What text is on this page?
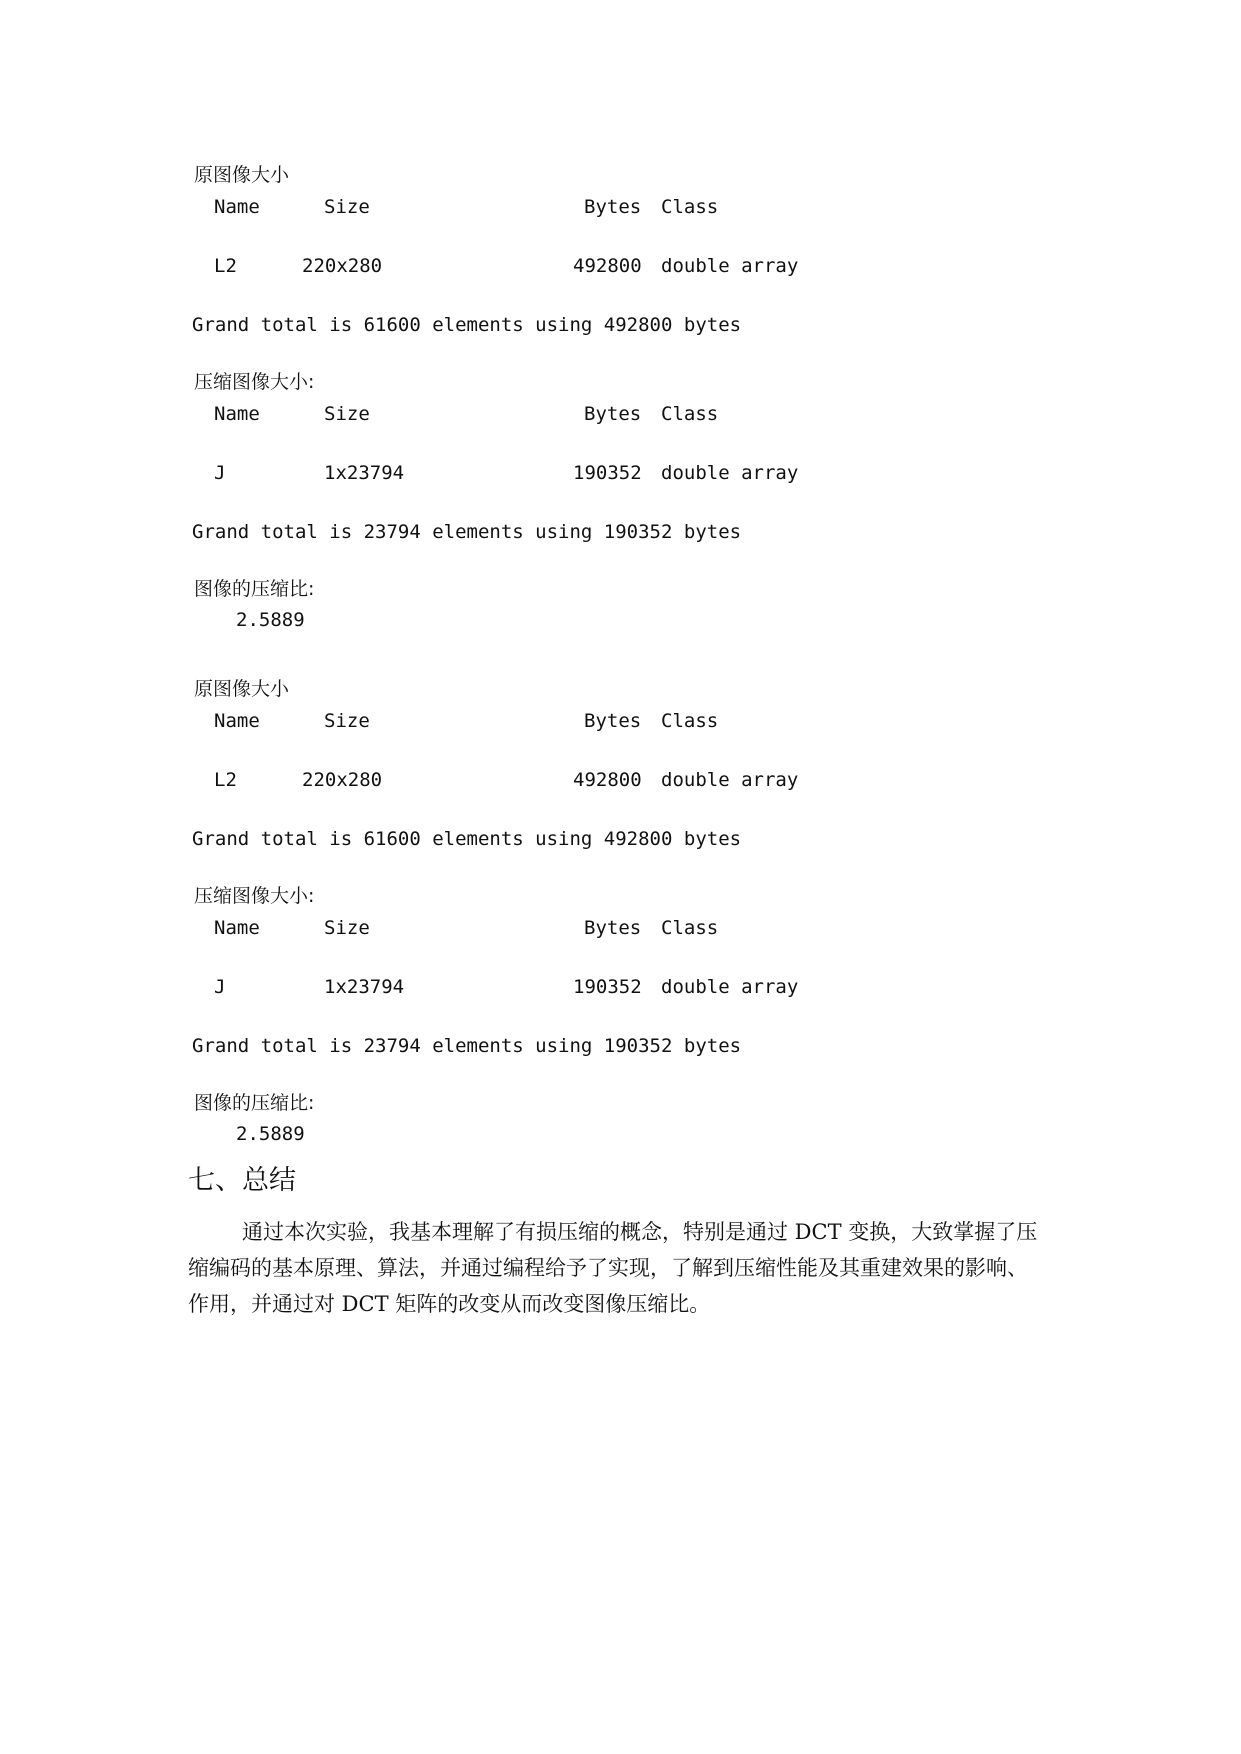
原图像大小
Name	Size	Bytes Class
L2	220x280	492800 double array
Grand total is 61600 elements using 492800 bytes
压缩图像大小:
Name	Size	Bytes Class
J	1x23794	190352 double array
Grand total is 23794 elements using 190352 bytes
图像的压缩比:
2.5889
原图像大小
Name	Size	Bytes Class
L2	220x280	492800 double array
Grand total is 61600 elements using 492800 bytes
压缩图像大小:
Name	Size	Bytes Class
J	1x23794	190352 double array
Grand total is 23794 elements using 190352 bytes
图像的压缩比:
2.5889
七、总结
通过本次实验，我基本理解了有损压缩的概念，特别是通过 DCT 变换，大致掌握了压
缩编码的基本原理、算法，并通过编程给予了实现，了解到压缩性能及其重建效果的影响、
作用，并通过对 DCT 矩阵的改变从而改变图像压缩比。
